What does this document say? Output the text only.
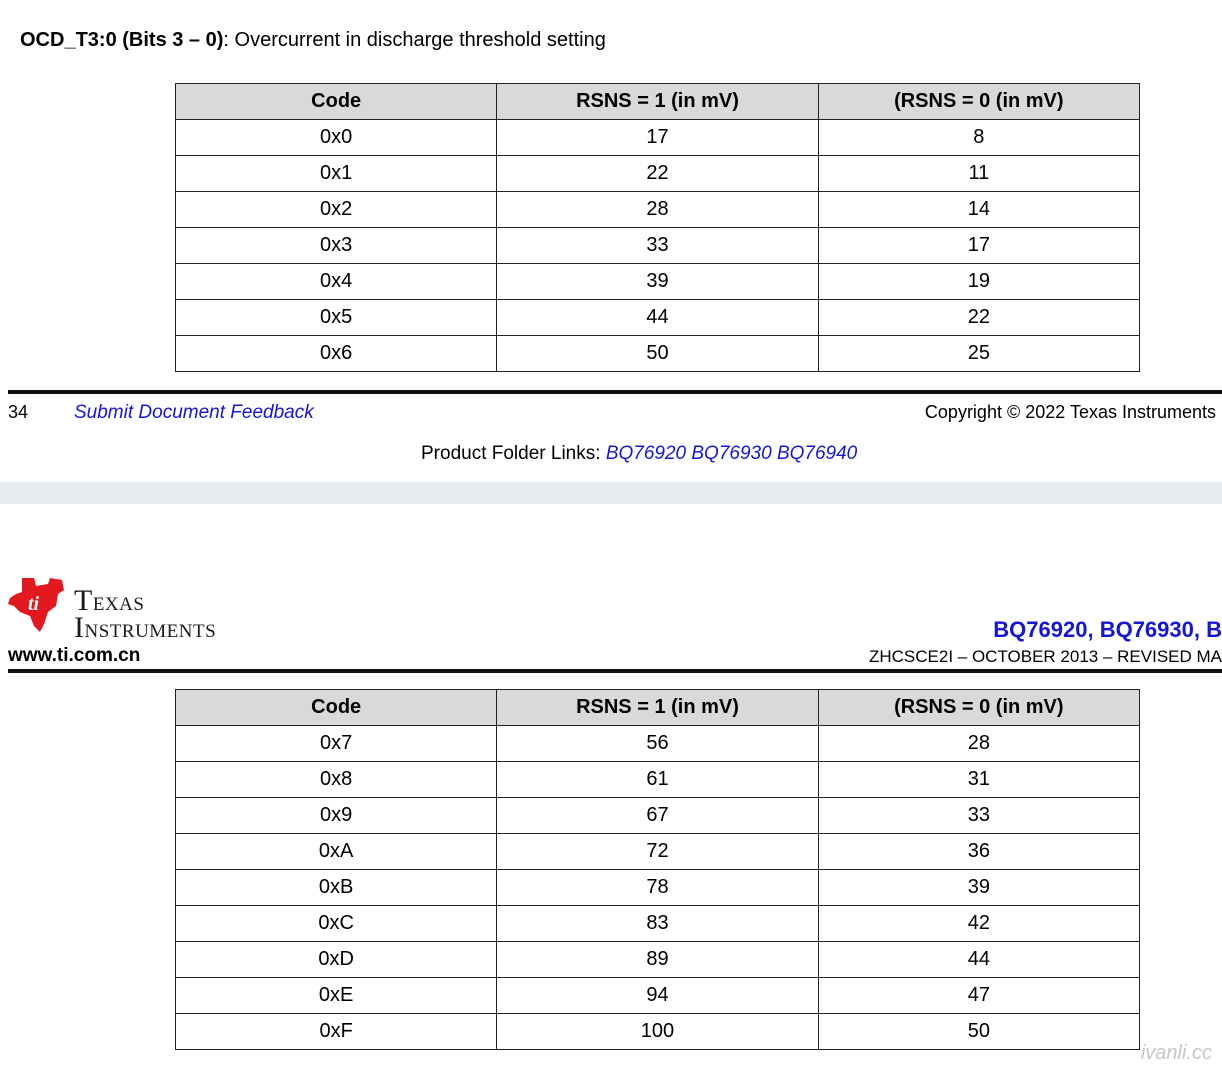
OCD_T3:0 (Bits 3 – 0): Overcurrent in discharge threshold setting
Code	RSNS = 1 (in mV)	(RSNS = 0 (in mV)
0x0	17	8
0x1	22	11
0x2	28	14
0x3	33	17
0x4	39	19
0x5	44	22
0x6	50	25
34 Submit Document Feedback	Copyright © 2022 Texas Instruments
Product Folder Links: BQ76920 BQ76930 BQ76940
ti Texas
Instruments
www.ti.com.cn
BQ76920, BQ76930, B
ZHCSCE2I – OCTOBER 2013 – REVISED MA
Code	RSNS = 1 (in mV)	(RSNS = 0 (in mV)
0x7	56	28
0x8	61	31
0x9	67	33
0xA	72	36
0xB	78	39
0xC	83	42
0xD	89	44
0xE	94	47
0xF	100	50
ivanli.cc
